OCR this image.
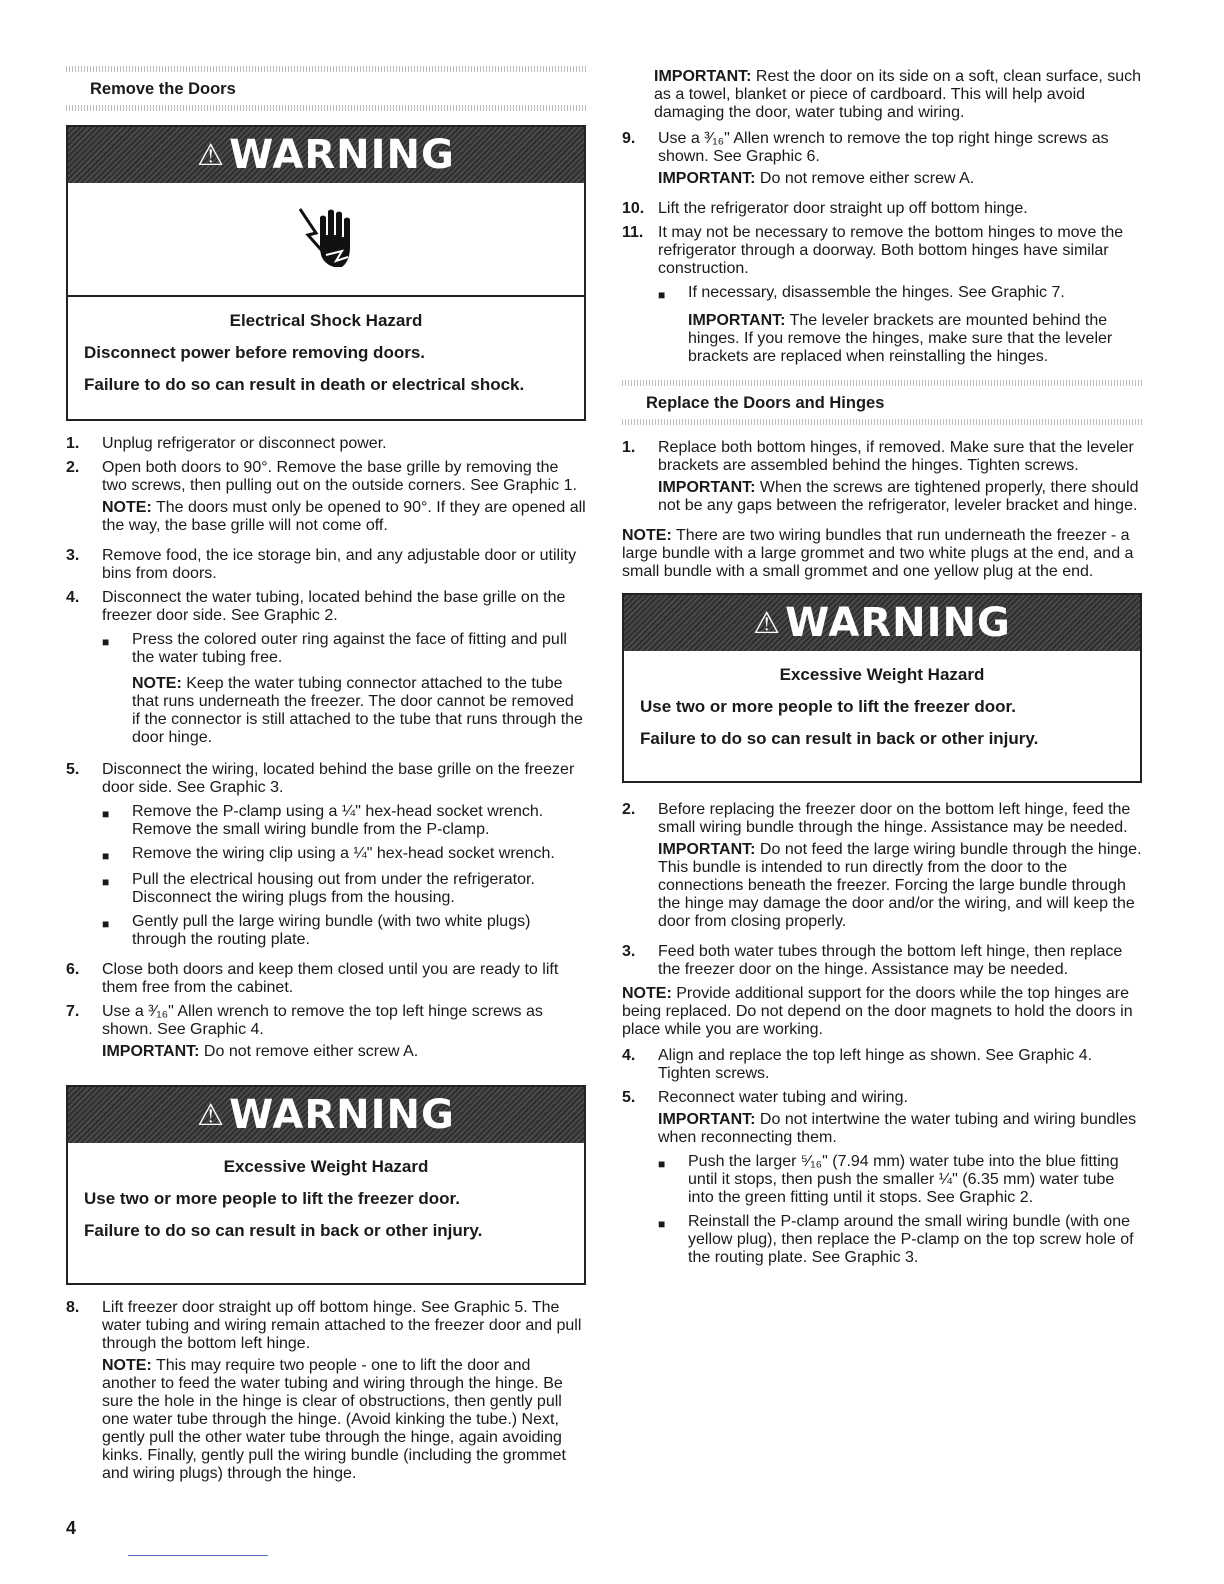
Remove the Doors
⚠ WARNING
Electrical Shock Hazard
Disconnect power before removing doors.
Failure to do so can result in death or electrical shock.
1.	Unplug refrigerator or disconnect power.
2.	Open both doors to 90°. Remove the base grille by removing the two screws, then pulling out on the outside corners. See Graphic 1.
NOTE: The doors must only be opened to 90°. If they are opened all the way, the base grille will not come off.
3.	Remove food, the ice storage bin, and any adjustable door or utility bins from doors.
4.	Disconnect the water tubing, located behind the base grille on the freezer door side. See Graphic 2.
■	Press the colored outer ring against the face of fitting and pull the water tubing free.
NOTE: Keep the water tubing connector attached to the tube that runs underneath the freezer. The door cannot be removed if the connector is still attached to the tube that runs through the door hinge.
5.	Disconnect the wiring, located behind the base grille on the freezer door side. See Graphic 3.
■	Remove the P-clamp using a ¼" hex-head socket wrench. Remove the small wiring bundle from the P-clamp.
■	Remove the wiring clip using a ¼" hex-head socket wrench.
■	Pull the electrical housing out from under the refrigerator. Disconnect the wiring plugs from the housing.
■	Gently pull the large wiring bundle (with two white plugs) through the routing plate.
6.	Close both doors and keep them closed until you are ready to lift them free from the cabinet.
7.	Use a ³⁄₁₆" Allen wrench to remove the top left hinge screws as shown. See Graphic 4.
IMPORTANT: Do not remove either screw A.
⚠ WARNING
Excessive Weight Hazard
Use two or more people to lift the freezer door.
Failure to do so can result in back or other injury.
8.	Lift freezer door straight up off bottom hinge. See Graphic 5. The water tubing and wiring remain attached to the freezer door and pull through the bottom left hinge.
NOTE: This may require two people - one to lift the door and another to feed the water tubing and wiring through the hinge. Be sure the hole in the hinge is clear of obstructions, then gently pull one water tube through the hinge. (Avoid kinking the tube.) Next, gently pull the other water tube through the hinge, again avoiding kinks. Finally, gently pull the wiring bundle (including the grommet and wiring plugs) through the hinge.
IMPORTANT: Rest the door on its side on a soft, clean surface, such as a towel, blanket or piece of cardboard. This will help avoid damaging the door, water tubing and wiring.
9.	Use a ³⁄₁₆" Allen wrench to remove the top right hinge screws as shown. See Graphic 6.
IMPORTANT: Do not remove either screw A.
10. Lift the refrigerator door straight up off bottom hinge.
11. It may not be necessary to remove the bottom hinges to move the refrigerator through a doorway. Both bottom hinges have similar construction.
■	If necessary, disassemble the hinges. See Graphic 7.
IMPORTANT: The leveler brackets are mounted behind the hinges. If you remove the hinges, make sure that the leveler brackets are replaced when reinstalling the hinges.
Replace the Doors and Hinges
1.	Replace both bottom hinges, if removed. Make sure that the leveler brackets are assembled behind the hinges. Tighten screws.
IMPORTANT: When the screws are tightened properly, there should not be any gaps between the refrigerator, leveler bracket and hinge.
NOTE: There are two wiring bundles that run underneath the freezer - a large bundle with a large grommet and two white plugs at the end, and a small bundle with a small grommet and one yellow plug at the end.
⚠ WARNING
Excessive Weight Hazard
Use two or more people to lift the freezer door.
Failure to do so can result in back or other injury.
2.	Before replacing the freezer door on the bottom left hinge, feed the small wiring bundle through the hinge. Assistance may be needed.
IMPORTANT: Do not feed the large wiring bundle through the hinge. This bundle is intended to run directly from the door to the connections beneath the freezer. Forcing the large bundle through the hinge may damage the door and/or the wiring, and will keep the door from closing properly.
3.	Feed both water tubes through the bottom left hinge, then replace the freezer door on the hinge. Assistance may be needed.
NOTE: Provide additional support for the doors while the top hinges are being replaced. Do not depend on the door magnets to hold the doors in place while you are working.
4.	Align and replace the top left hinge as shown. See Graphic 4. Tighten screws.
5.	Reconnect water tubing and wiring.
IMPORTANT: Do not intertwine the water tubing and wiring bundles when reconnecting them.
■	Push the larger ⁵⁄₁₆" (7.94 mm) water tube into the blue fitting until it stops, then push the smaller ¼" (6.35 mm) water tube into the green fitting until it stops. See Graphic 2.
■	Reinstall the P-clamp around the small wiring bundle (with one yellow plug), then replace the P-clamp on the top screw hole of the routing plate. See Graphic 3.
4
